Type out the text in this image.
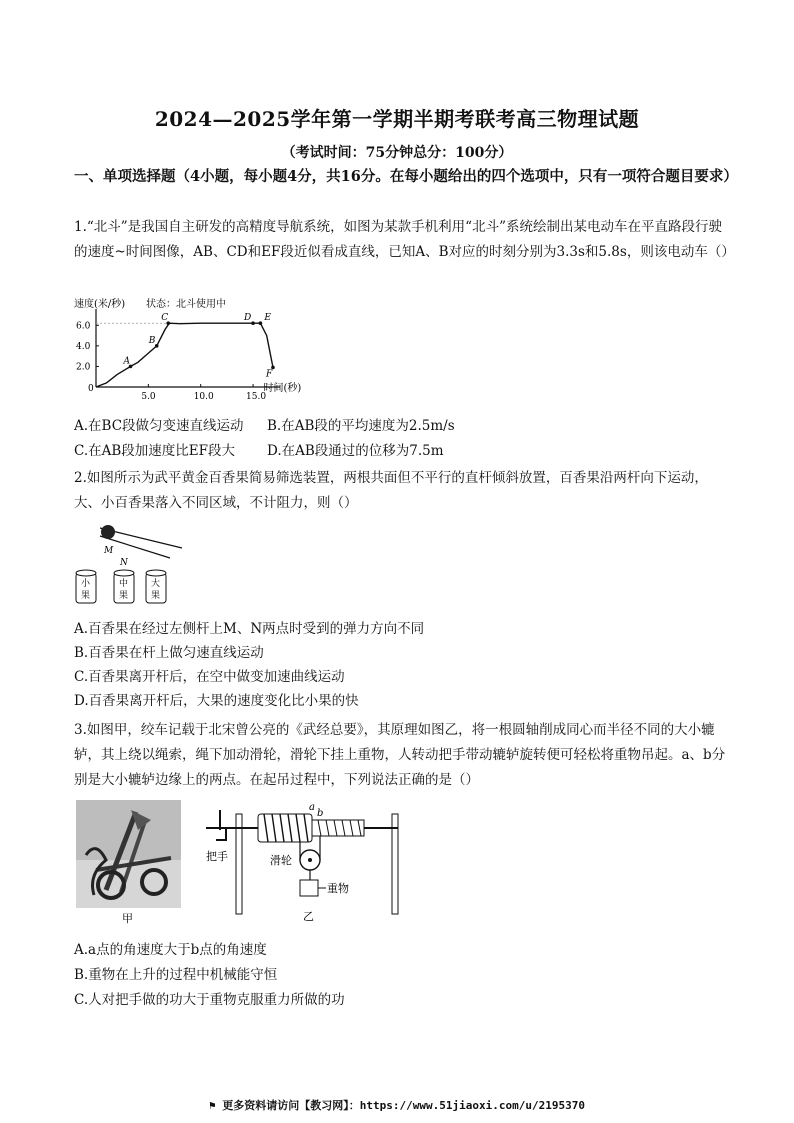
2024—2025学年第一学期半期考联考高三物理试题
（考试时间：75分钟总分：100分）
一、单项选择题（4小题，每小题4分，共16分。在每小题给出的四个选项中，只有一项符合题目要求）
1.“北斗”是我国自主研发的高精度导航系统，如图为某款手机利用“北斗”系统绘制出某电动车在平直路段行驶的速度~时间图像，AB、CD和EF段近似看成直线，已知A、B对应的时刻分别为3.3s和5.8s，则该电动车（）
速度(米/秒) 状态：北斗使用中
0
5.0	10.0	15.0
2.0
4.0
6.0
A
B
C	D E
F
时间(秒)
A.在BC段做匀变速直线运动 B.在AB段的平均速度为2.5m/s
C.在AB段加速度比EF段大 D.在AB段通过的位移为7.5m
2.如图所示为武平黄金百香果简易筛选装置，两根共面但不平行的直杆倾斜放置，百香果沿两杆向下运动，大、小百香果落入不同区域，不计阻力，则（）
M
N
小
果
中
果
大
果
A.百香果在经过左侧杆上M、N两点时受到的弹力方向不同
B.百香果在杆上做匀速直线运动
C.百香果离开杆后，在空中做变加速曲线运动
D.百香果离开杆后，大果的速度变化比小果的快
3.如图甲，绞车记载于北宋曾公亮的《武经总要》，其原理如图乙，将一根圆轴削成同心而半径不同的大小辘轳，其上绕以绳索，绳下加动滑轮，滑轮下挂上重物，人转动把手带动辘轳旋转便可轻松将重物吊起。a、b分别是大小辘轳边缘上的两点。在起吊过程中，下列说法正确的是（）
甲
a
b
把手	滑轮
重物
乙
A.a点的角速度大于b点的角速度
B.重物在上升的过程中机械能守恒
C.人对把手做的功大于重物克服重力所做的功
⚑ 更多资料请访问【教习网】：https://www.51jiaoxi.com/u/2195370
